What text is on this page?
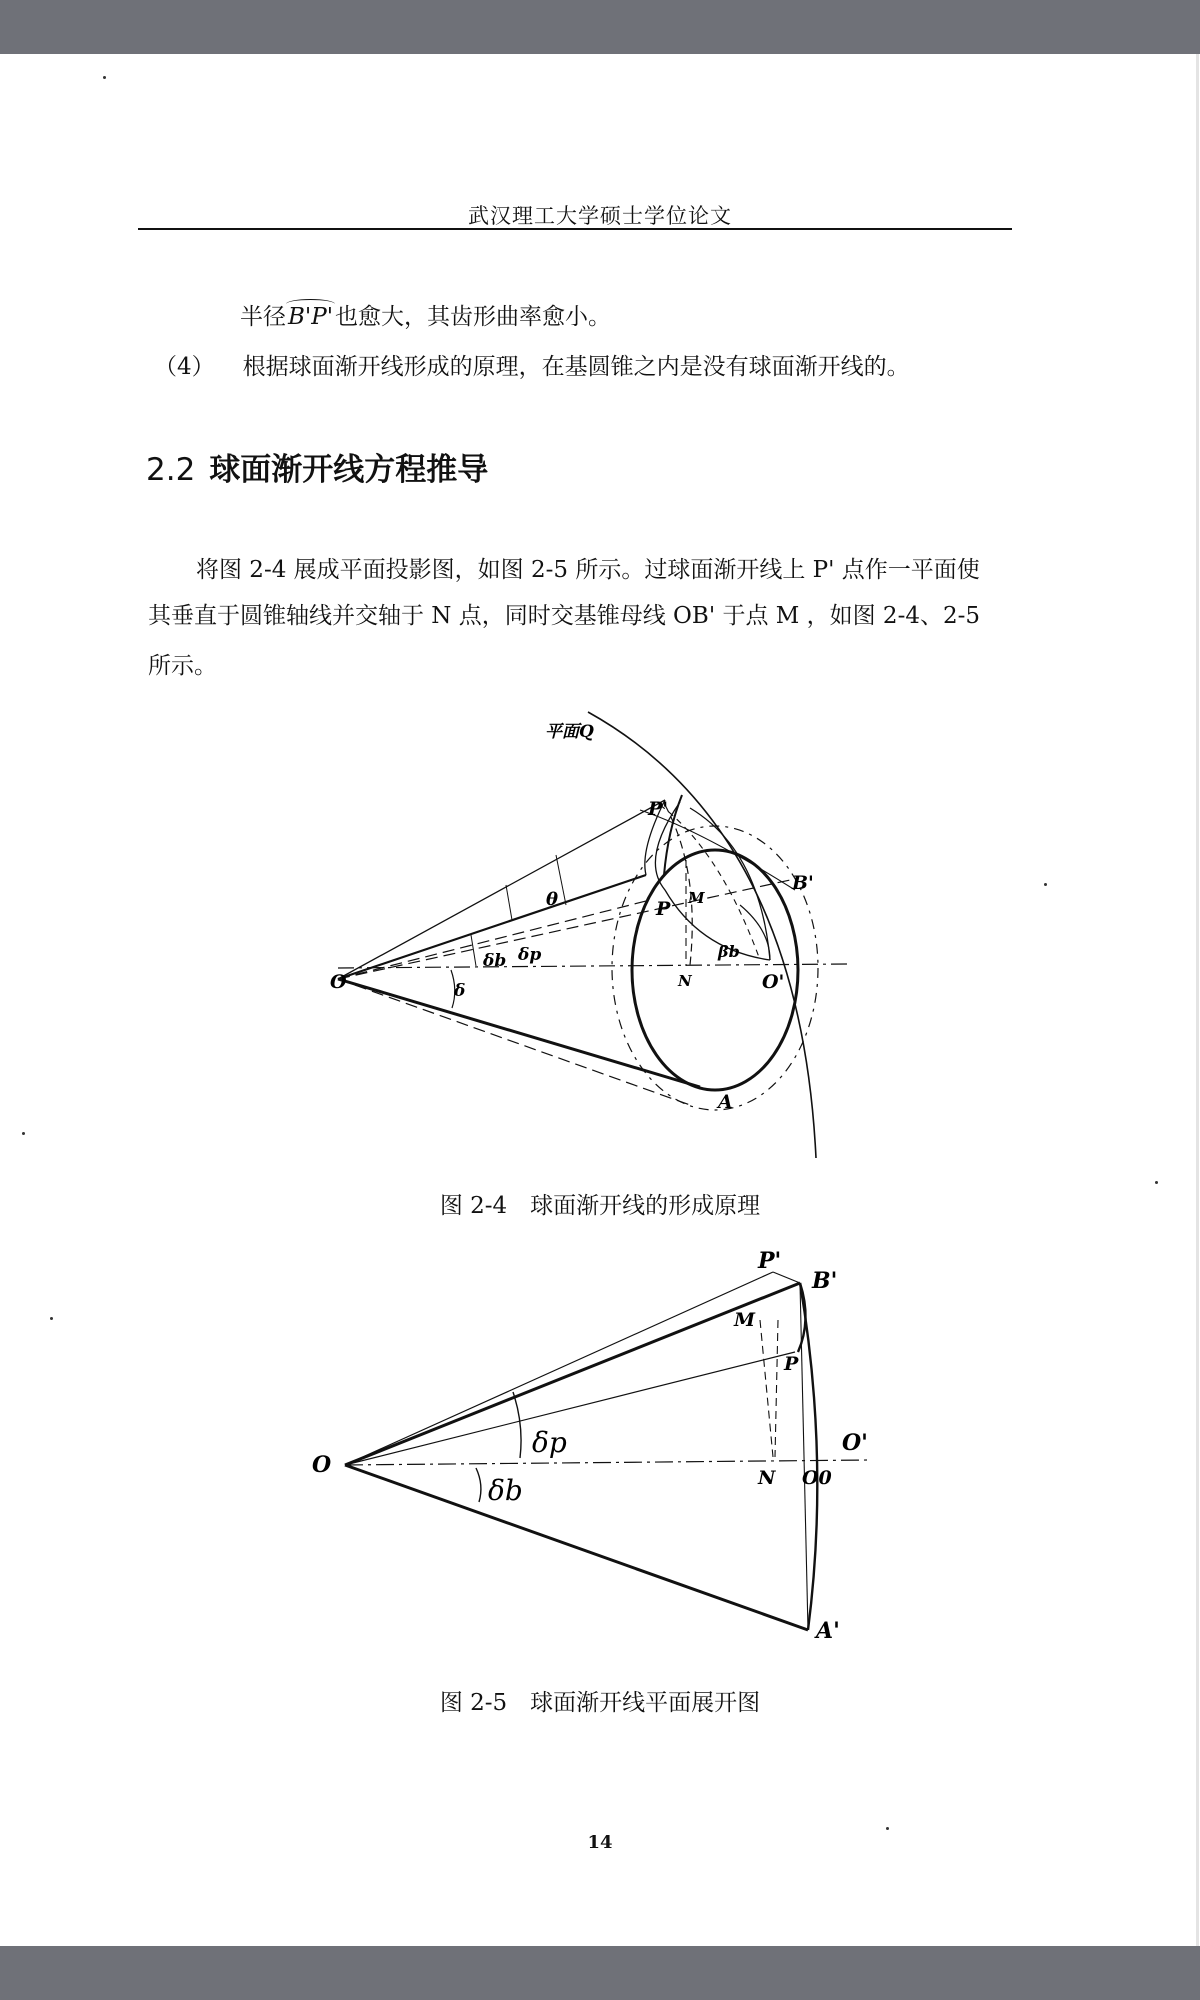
武汉理工大学硕士学位论文
半径B'P'也愈大，其齿形曲率愈小。
（4） 根据球面渐开线形成的原理，在基圆锥之内是没有球面渐开线的。
2.2 球面渐开线方程推导
将图 2-4 展成平面投影图，如图 2-5 所示。过球面渐开线上 P' 点作一平面使
其垂直于圆锥轴线并交轴于 N 点，同时交基锥母线 OB' 于点 M ，如图 2-4、2-5
所示。
平面Q
P'
B'
P M
θ
βb
N	O'
O	δ
δb δp
A
图 2-4　球面渐开线的形成原理
P'
B'
M
P
O'
O	N O0
A'
δp
δb
图 2-5　球面渐开线平面展开图
14
